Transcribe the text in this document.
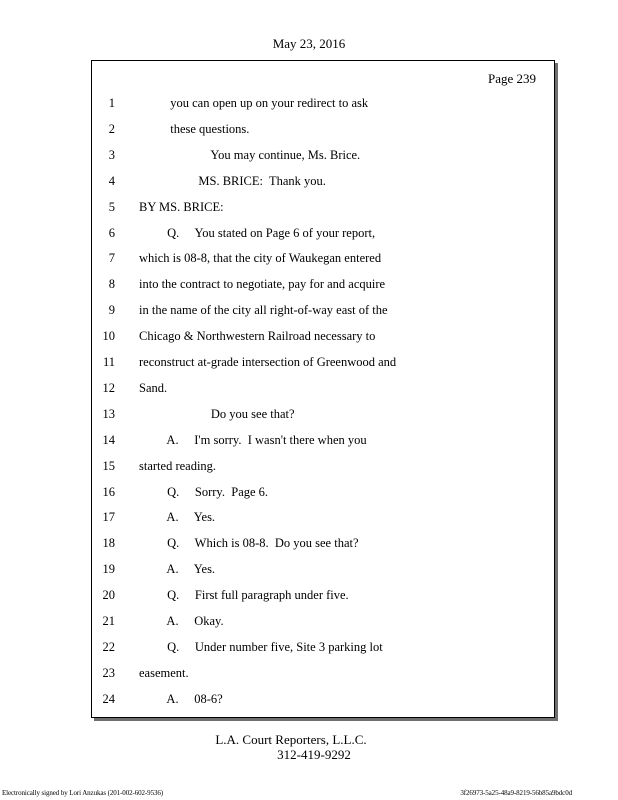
May 23, 2016
Page 239
1 you can open up on your redirect to ask
2 these questions.
3 You may continue, Ms. Brice.
4 MS. BRICE:  Thank you.
5 BY MS. BRICE:
6 Q.     You stated on Page 6 of your report,
7 which is 08-8, that the city of Waukegan entered
8 into the contract to negotiate, pay for and acquire
9 in the name of the city all right-of-way east of the
10 Chicago & Northwestern Railroad necessary to
11 reconstruct at-grade intersection of Greenwood and
12 Sand.
13 Do you see that?
14 A.     I'm sorry.  I wasn't there when you
15 started reading.
16 Q.     Sorry.  Page 6.
17 A.     Yes.
18 Q.     Which is 08-8.  Do you see that?
19 A.     Yes.
20 Q.     First full paragraph under five.
21 A.     Okay.
22 Q.     Under number five, Site 3 parking lot
23 easement.
24 A.     08-6?
L.A. Court Reporters, L.L.C.
312-419-9292
Electronically signed by Lori Anzukas (201-002-602-9536)	3f26973-5a25-48a9-8219-56b85a9bdc0d
